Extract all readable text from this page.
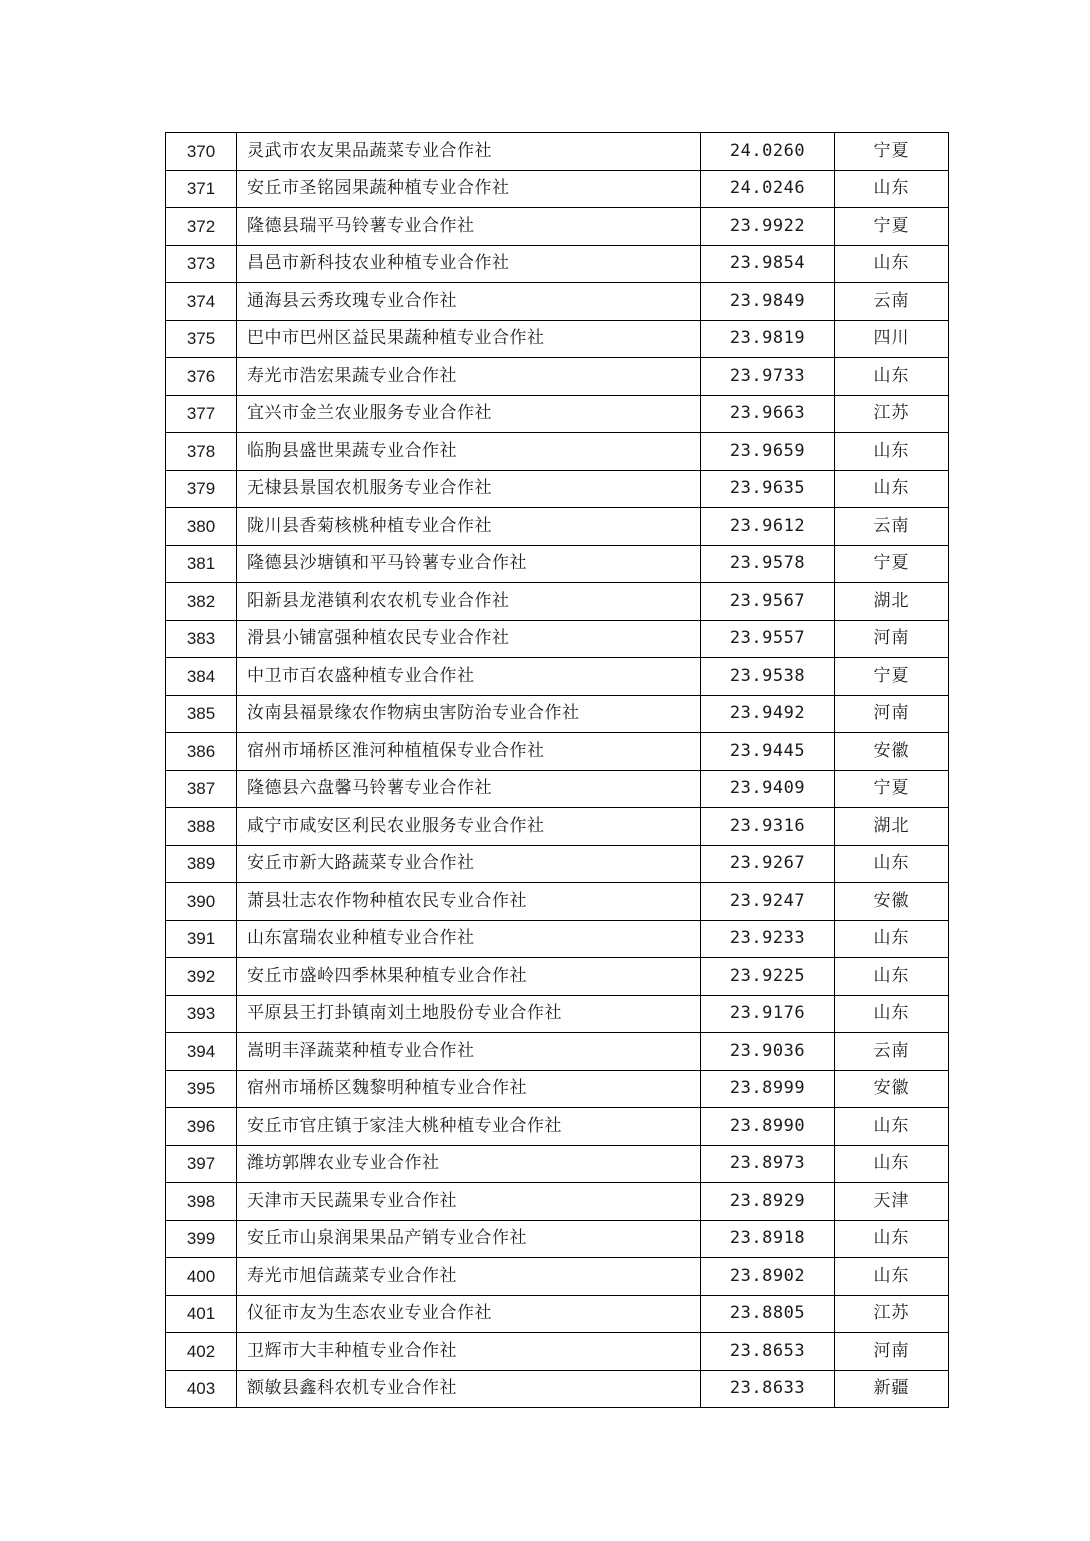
370	灵武市农友果品蔬菜专业合作社	24.0260	宁夏
371	安丘市圣铭园果蔬种植专业合作社	24.0246	山东
372	隆德县瑞平马铃薯专业合作社	23.9922	宁夏
373	昌邑市新科技农业种植专业合作社	23.9854	山东
374	通海县云秀玫瑰专业合作社	23.9849	云南
375	巴中市巴州区益民果蔬种植专业合作社	23.9819	四川
376	寿光市浩宏果蔬专业合作社	23.9733	山东
377	宜兴市金兰农业服务专业合作社	23.9663	江苏
378	临朐县盛世果蔬专业合作社	23.9659	山东
379	无棣县景国农机服务专业合作社	23.9635	山东
380	陇川县香菊核桃种植专业合作社	23.9612	云南
381	隆德县沙塘镇和平马铃薯专业合作社	23.9578	宁夏
382	阳新县龙港镇利农农机专业合作社	23.9567	湖北
383	滑县小铺富强种植农民专业合作社	23.9557	河南
384	中卫市百农盛种植专业合作社	23.9538	宁夏
385	汝南县福景缘农作物病虫害防治专业合作社	23.9492	河南
386	宿州市埇桥区淮河种植植保专业合作社	23.9445	安徽
387	隆德县六盘馨马铃薯专业合作社	23.9409	宁夏
388	咸宁市咸安区利民农业服务专业合作社	23.9316	湖北
389	安丘市新大路蔬菜专业合作社	23.9267	山东
390	萧县壮志农作物种植农民专业合作社	23.9247	安徽
391	山东富瑞农业种植专业合作社	23.9233	山东
392	安丘市盛岭四季林果种植专业合作社	23.9225	山东
393	平原县王打卦镇南刘土地股份专业合作社	23.9176	山东
394	嵩明丰泽蔬菜种植专业合作社	23.9036	云南
395	宿州市埇桥区魏黎明种植专业合作社	23.8999	安徽
396	安丘市官庄镇于家洼大桃种植专业合作社	23.8990	山东
397	潍坊郭牌农业专业合作社	23.8973	山东
398	天津市天民蔬果专业合作社	23.8929	天津
399	安丘市山泉润果果品产销专业合作社	23.8918	山东
400	寿光市旭信蔬菜专业合作社	23.8902	山东
401	仪征市友为生态农业专业合作社	23.8805	江苏
402	卫辉市大丰种植专业合作社	23.8653	河南
403	额敏县鑫科农机专业合作社	23.8633	新疆
